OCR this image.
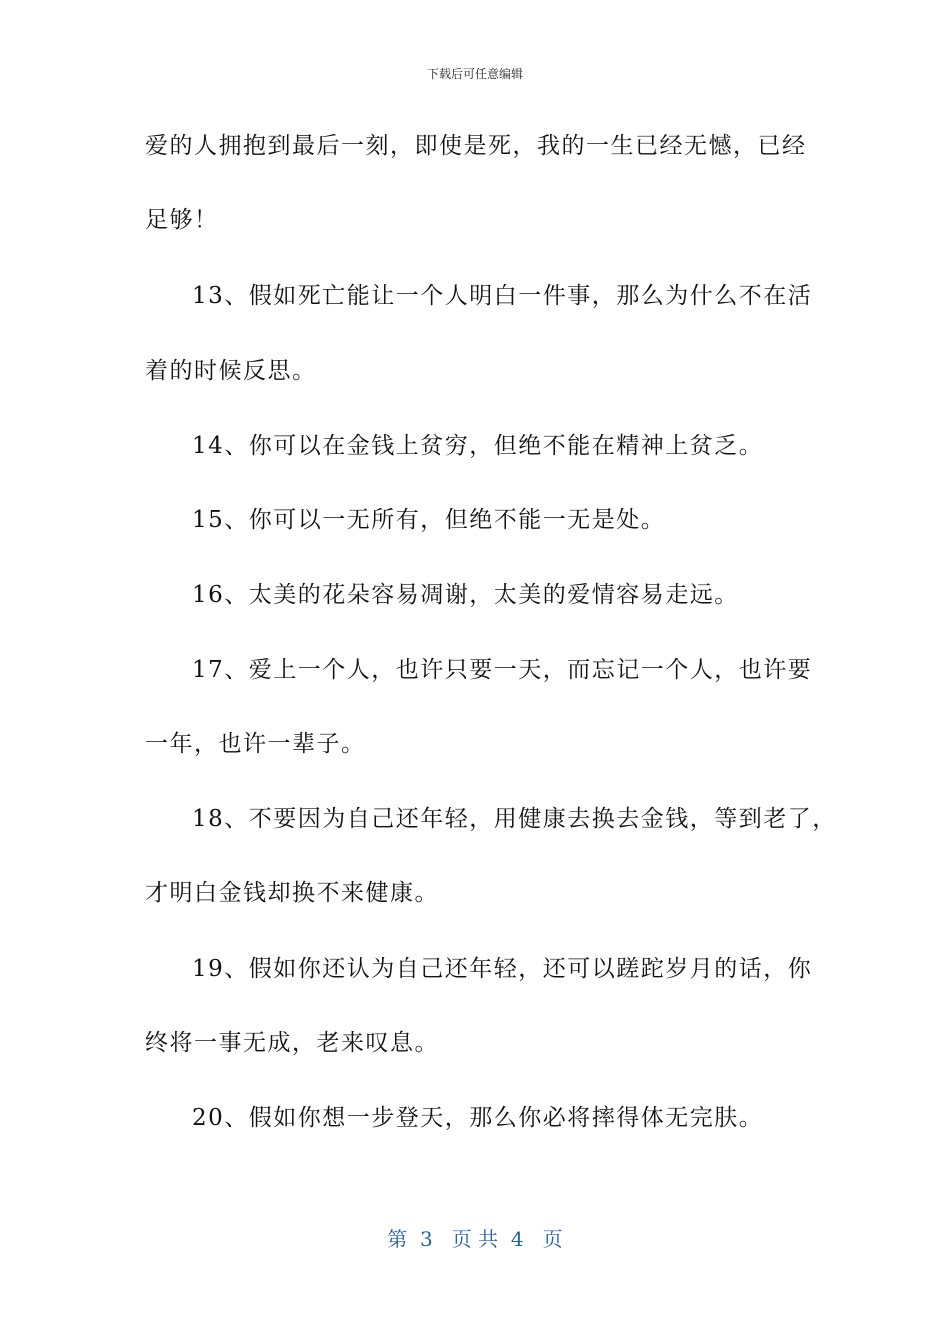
下载后可任意编辑
爱的人拥抱到最后一刻，即使是死，我的一生已经无憾，已经
足够！
13、假如死亡能让一个人明白一件事，那么为什么不在活
着的时候反思。
14、你可以在金钱上贫穷，但绝不能在精神上贫乏。
15、你可以一无所有，但绝不能一无是处。
16、太美的花朵容易凋谢，太美的爱情容易走远。
17、爱上一个人，也许只要一天，而忘记一个人，也许要
一年，也许一辈子。
18、不要因为自己还年轻，用健康去换去金钱，等到老了，
才明白金钱却换不来健康。
19、假如你还认为自己还年轻，还可以蹉跎岁月的话，你
终将一事无成，老来叹息。
20、假如你想一步登天，那么你必将摔得体无完肤。
第  3   页 共  4   页
